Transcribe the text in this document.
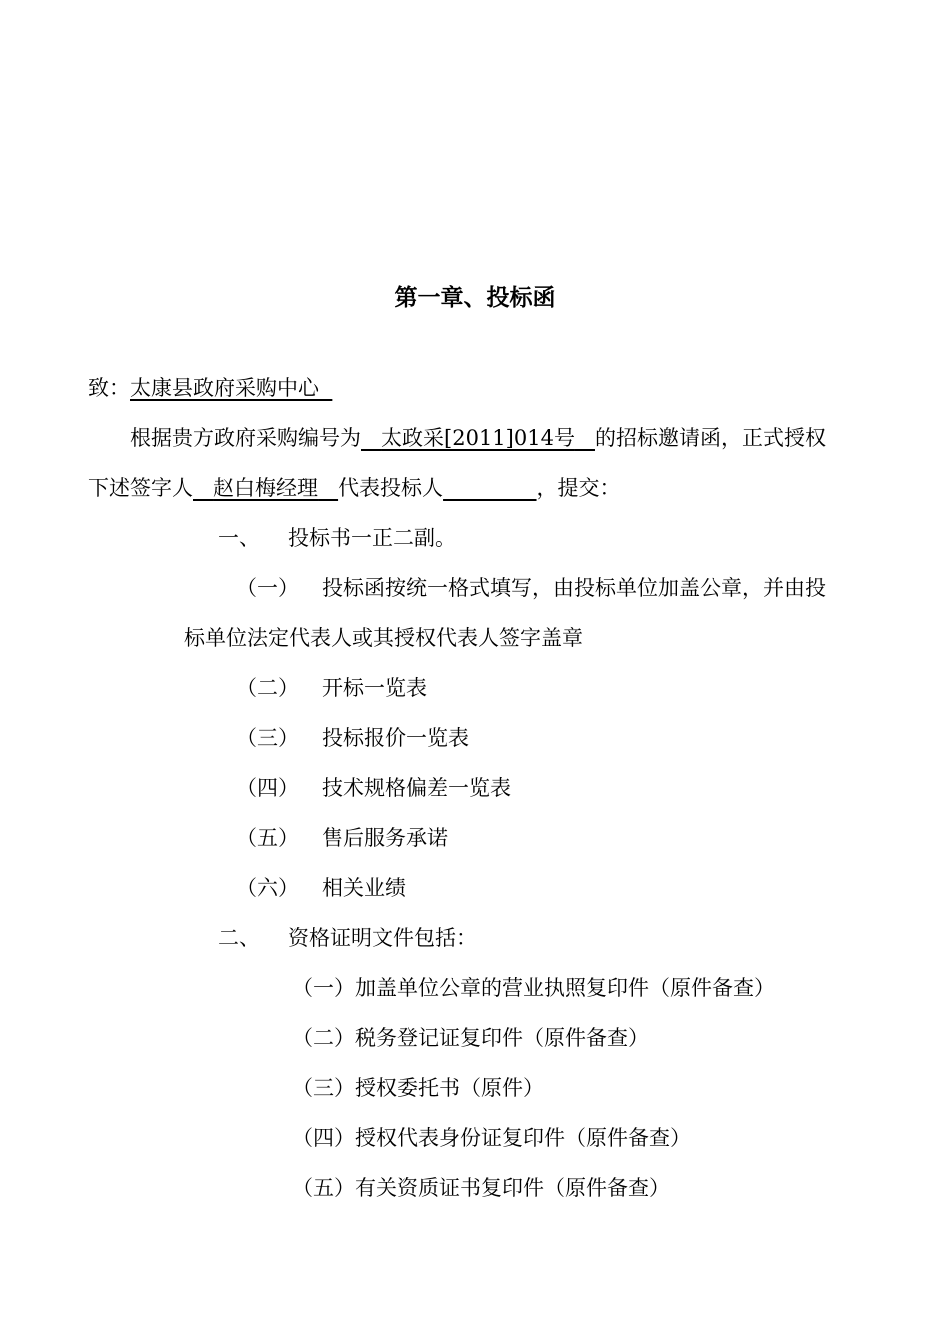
第一章、投标函
致：太康县政府采购中心
根据贵方政府采购编号为 太政采[2011]014号 的招标邀请函，正式授权
下述签字人 赵白梅经理 代表投标人	，提交：
一、 投标书一正二副。
（一） 投标函按统一格式填写，由投标单位加盖公章，并由投
标单位法定代表人或其授权代表人签字盖章
（二） 开标一览表
（三） 投标报价一览表
（四） 技术规格偏差一览表
（五） 售后服务承诺
（六） 相关业绩
二、 资格证明文件包括：
（一）加盖单位公章的营业执照复印件（原件备查）
（二）税务登记证复印件（原件备查）
（三）授权委托书（原件）
（四）授权代表身份证复印件（原件备查）
（五）有关资质证书复印件（原件备查）
